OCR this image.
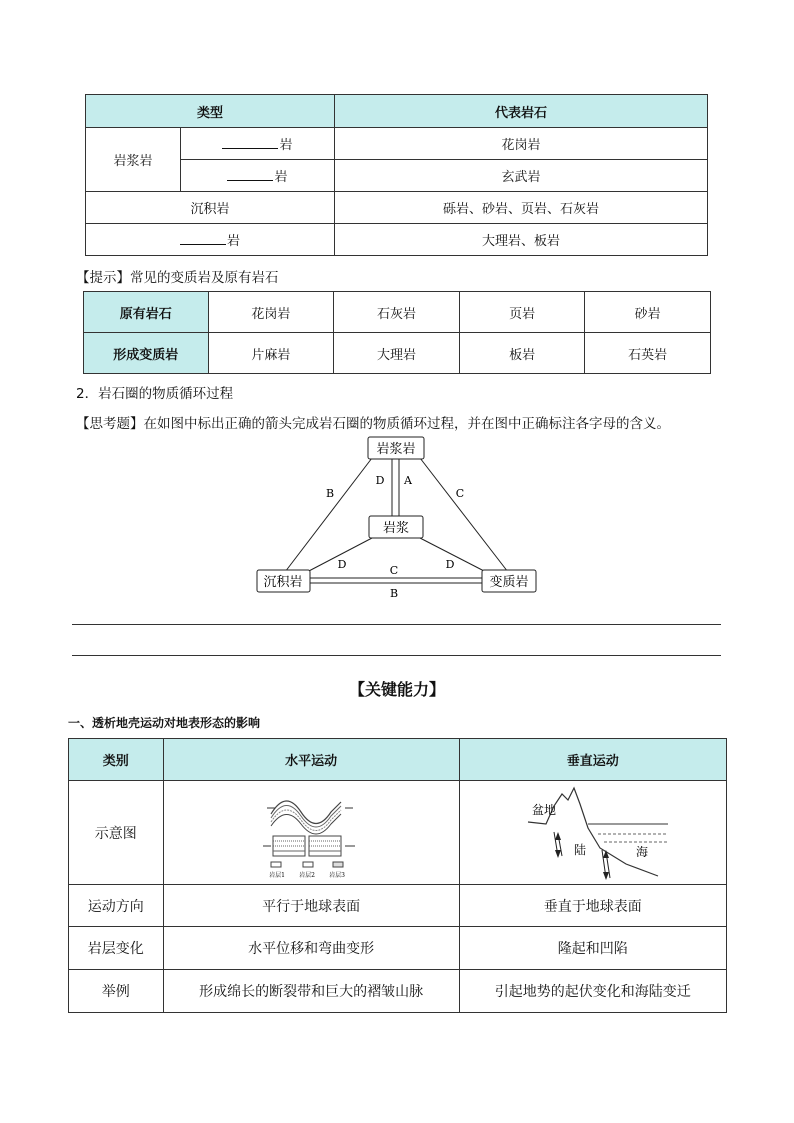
类型		代表岩石
岩浆岩	岩	花岗岩
	岩	玄武岩
沉积岩		砾岩、砂岩、页岩、石灰岩
岩		大理岩、板岩
【提示】常见的变质岩及原有岩石
原有岩石	花岗岩	石灰岩	页岩	砂岩
形成变质岩	片麻岩	大理岩	板岩	石英岩
2．岩石圈的物质循环过程
【思考题】在如图中标出正确的箭头完成岩石圈的物质循环过程，并在图中正确标注各字母的含义。
岩浆岩
岩浆
沉积岩	变质岩
B
D A
C
D	C	D
B
【关键能力】
一、透析地壳运动对地表形态的影响
类别	水平运动	垂直运动
示意图	岩层1 岩层2 岩层3	盆地
陆 海

运动方向	平行于地球表面	垂直于地球表面
岩层变化	水平位移和弯曲变形	隆起和凹陷
举例	形成绵长的断裂带和巨大的褶皱山脉	引起地势的起伏变化和海陆变迁
